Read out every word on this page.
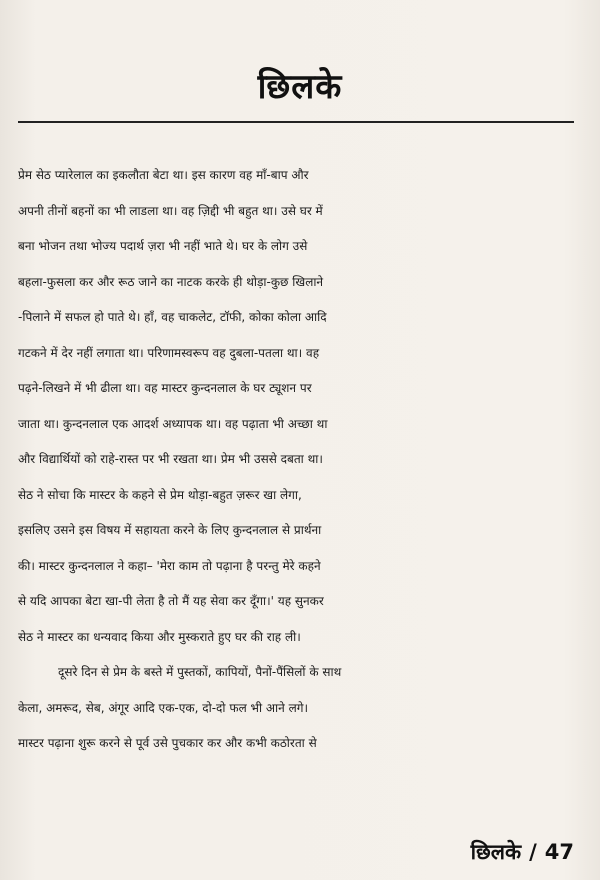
छिलके
प्रेम सेठ प्यारेलाल का इकलौता बेटा था। इस कारण वह माँ-बाप और
अपनी तीनों बहनों का भी लाडला था। वह ज़िद्दी भी बहुत था। उसे घर में
बना भोजन तथा भोज्य पदार्थ ज़रा भी नहीं भाते थे। घर के लोग उसे
बहला-फुसला कर और रूठ जाने का नाटक करके ही थोड़ा-कुछ खिलाने
-पिलाने में सफल हो पाते थे। हाँ, वह चाकलेट, टॉफी, कोका कोला आदि
गटकने में देर नहीं लगाता था। परिणामस्वरूप वह दुबला-पतला था। वह
पढ़ने-लिखने में भी ढीला था। वह मास्टर कुन्दनलाल के घर ट्यूशन पर
जाता था। कुन्दनलाल एक आदर्श अध्यापक था। वह पढ़ाता भी अच्छा था
और विद्यार्थियों को राहे-रास्त पर भी रखता था। प्रेम भी उससे दबता था।
सेठ ने सोचा कि मास्टर के कहने से प्रेम थोड़ा-बहुत ज़रूर खा लेगा,
इसलिए उसने इस विषय में सहायता करने के लिए कुन्दनलाल से प्रार्थना
की। मास्टर कुन्दनलाल ने कहा– 'मेरा काम तो पढ़ाना है परन्तु मेरे कहने
से यदि आपका बेटा खा-पी लेता है तो मैं यह सेवा कर दूँगा।' यह सुनकर
सेठ ने मास्टर का धन्यवाद किया और मुस्कराते हुए घर की राह ली।
दूसरे दिन से प्रेम के बस्ते में पुस्तकों, कापियों, पैनों-पैंसिलों के साथ
केला, अमरूद, सेब, अंगूर आदि एक-एक, दो-दो फल भी आने लगे।
मास्टर पढ़ाना शुरू करने से पूर्व उसे पुचकार कर और कभी कठोरता से
छिलके / 47
